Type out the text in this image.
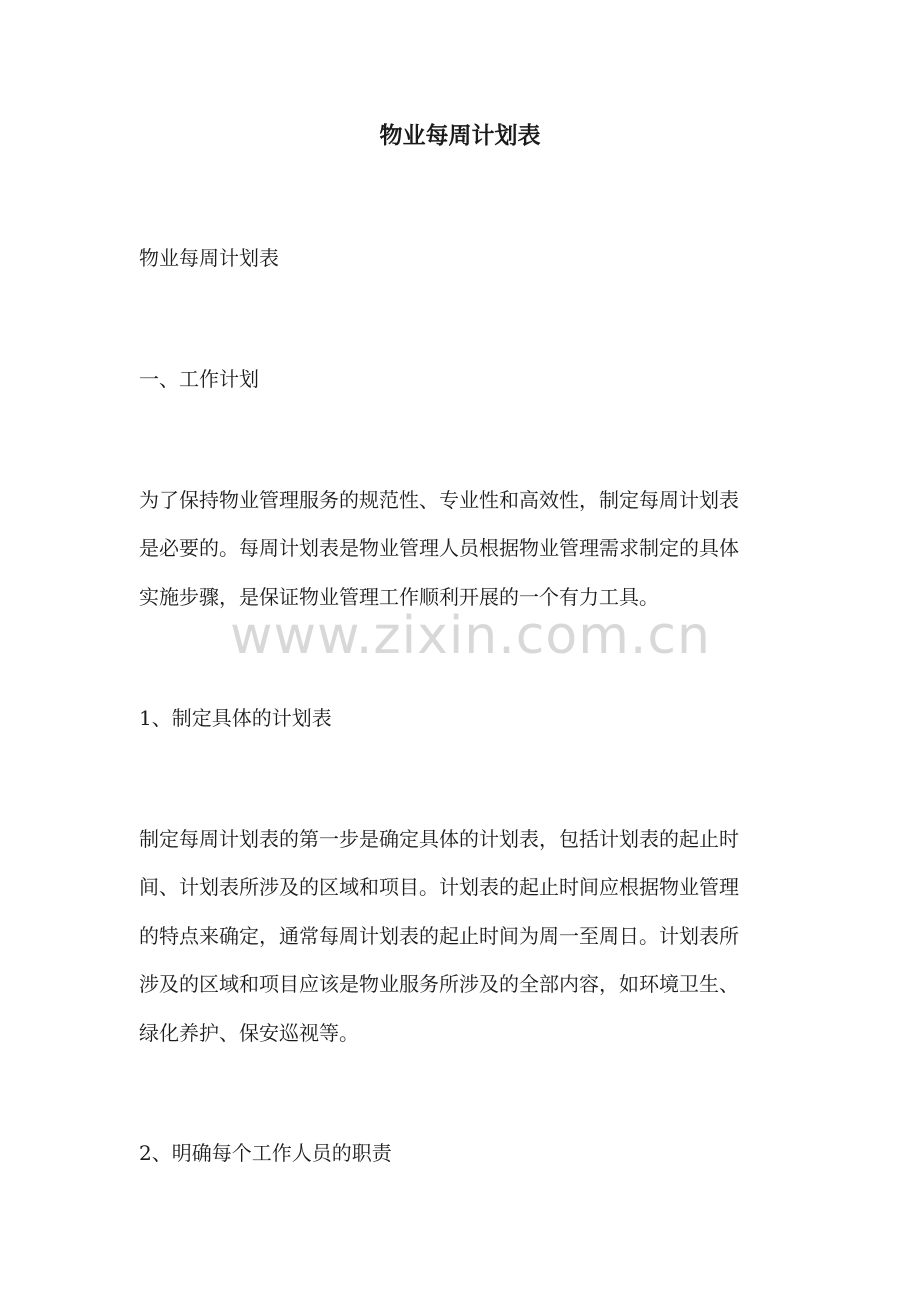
物业每周计划表

物业每周计划表

一、工作计划

为了保持物业管理服务的规范性、专业性和高效性，制定每周计划表

是必要的。每周计划表是物业管理人员根据物业管理需求制定的具体

实施步骤，是保证物业管理工作顺利开展的一个有力工具。

1、制定具体的计划表

制定每周计划表的第一步是确定具体的计划表，包括计划表的起止时

间、计划表所涉及的区域和项目。计划表的起止时间应根据物业管理

的特点来确定，通常每周计划表的起止时间为周一至周日。计划表所

涉及的区域和项目应该是物业服务所涉及的全部内容，如环境卫生、

绿化养护、保安巡视等。

2、明确每个工作人员的职责

www.zixin.com.cn
